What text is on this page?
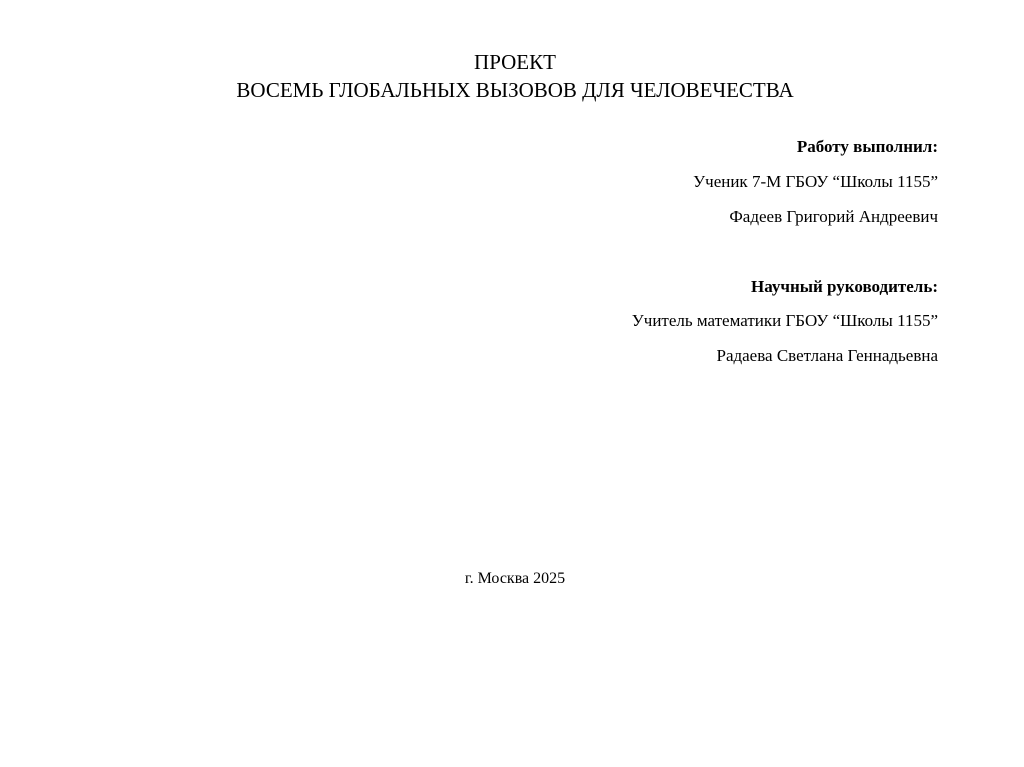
ПРОЕКТ
ВОСЕМЬ ГЛОБАЛЬНЫХ ВЫЗОВОВ ДЛЯ ЧЕЛОВЕЧЕСТВА
Работу выполнил:
Ученик 7-М ГБОУ “Школы 1155”
Фадеев Григорий Андреевич
Научный руководитель:
Учитель математики ГБОУ “Школы 1155”
Радаева Светлана Геннадьевна
г. Москва 2025
